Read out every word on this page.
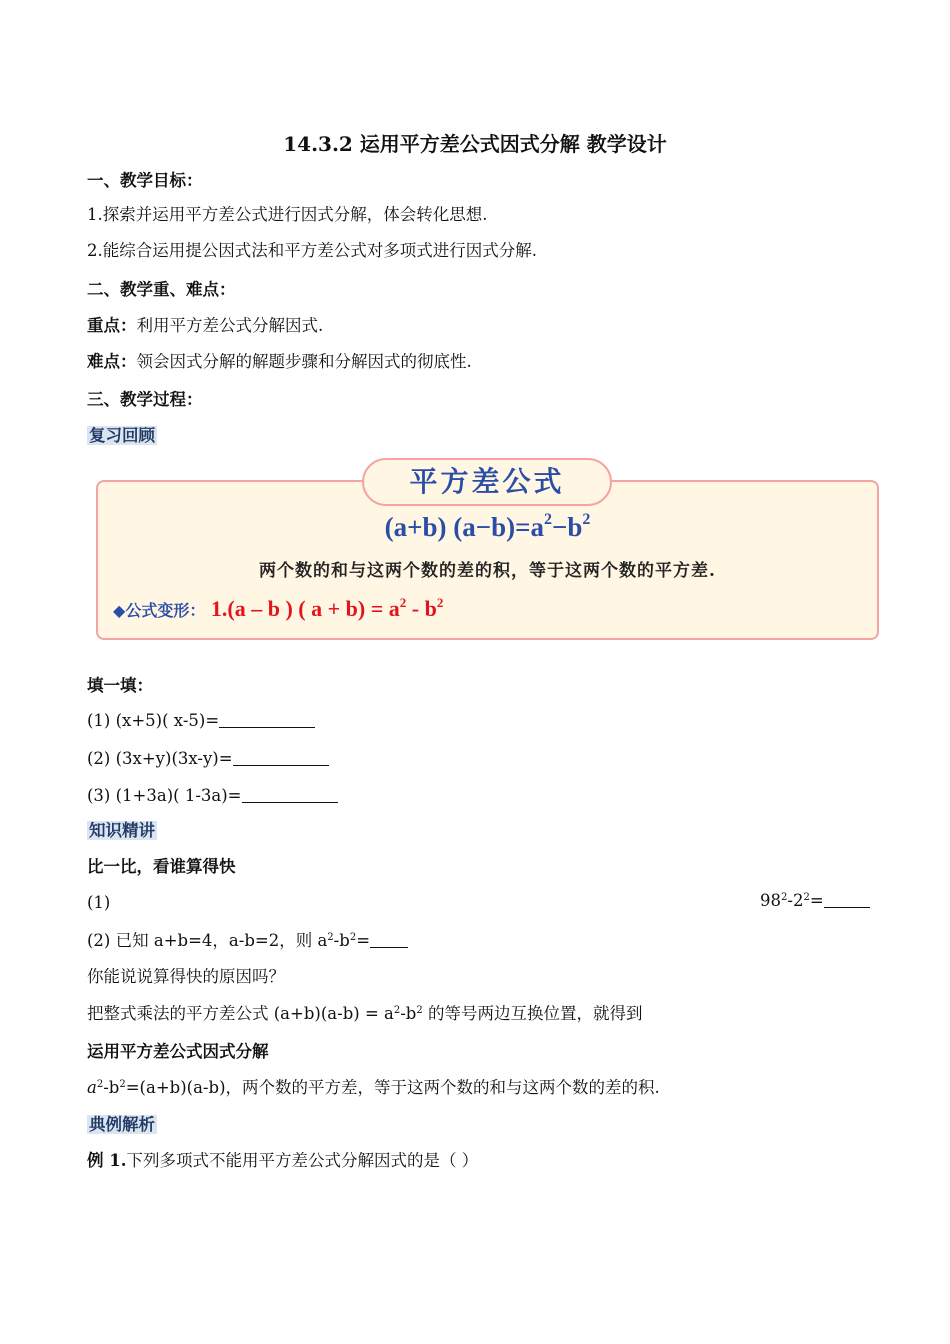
14.3.2 运用平方差公式因式分解 教学设计
一、教学目标：
1.探索并运用平方差公式进行因式分解，体会转化思想.
2.能综合运用提公因式法和平方差公式对多项式进行因式分解.
二、教学重、难点：
重点：利用平方差公式分解因式.
难点：领会因式分解的解题步骤和分解因式的彻底性.
三、教学过程：
复习回顾
平方差公式
(a+b) $(a-b)=a^2-b^2$
两个数的和与这两个数的差的积，等于这两个数的平方差.
◆公式变形： 1.(a – b ) ( $a + b) = a^2 - b^2$
填一填：
(1) (x+5)( x-5)=
(2) (3x+y)(3x-y)=
(3) (1+3a)( 1-3a)=
知识精讲
比一比，看谁算得快
(1)	$98^2-2^2=$
(2) 已知 a+b=4，a-b=2，则 $a^2-b^2=$
你能说说算得快的原因吗？
把整式乘法的平方差公式 $(a+b)(a-b) = a^2-b^2$ 的等号两边互换位置，就得到
运用平方差公式因式分解
$a^2-b^2=(a+b)(a-b)$，两个数的平方差，等于这两个数的和与这两个数的差的积.
典例解析
例 1.下列多项式不能用平方差公式分解因式的是（ ）
